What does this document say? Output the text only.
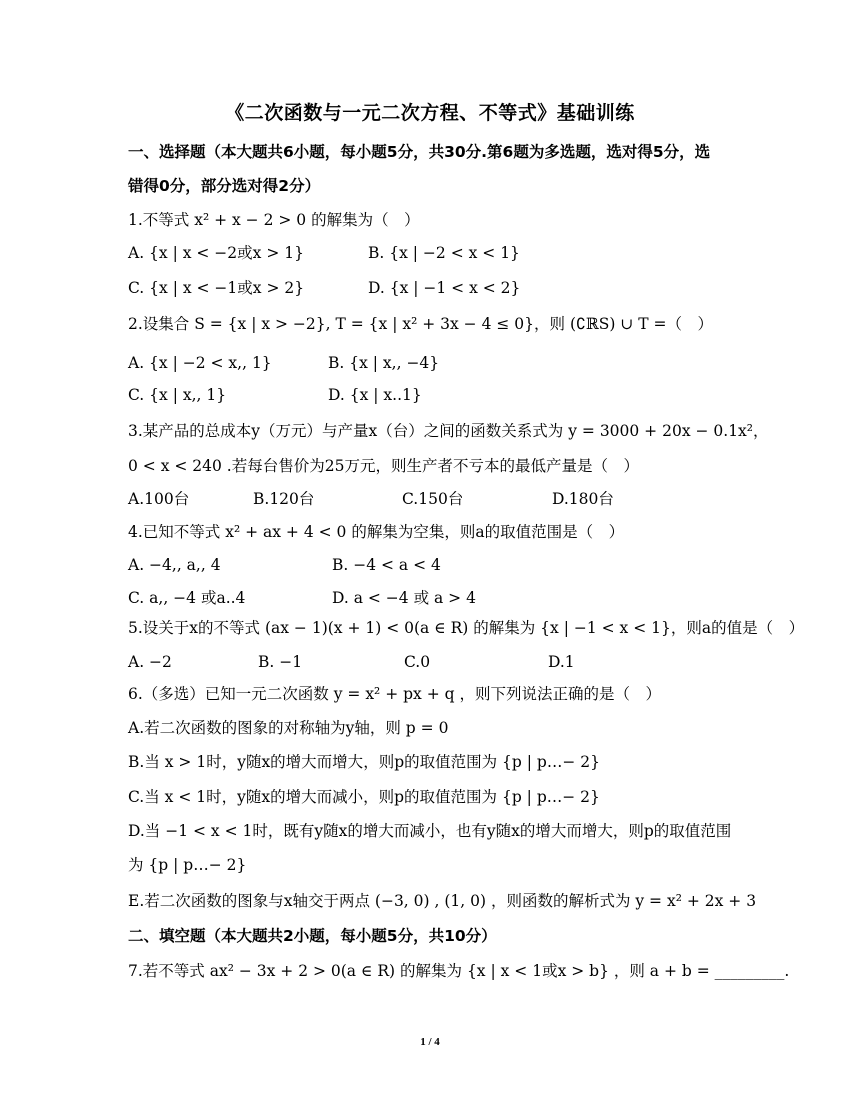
《二次函数与一元二次方程、不等式》基础训练
一、选择题（本大题共6小题，每小题5分，共30分.第6题为多选题，选对得5分，选
错得0分，部分选对得2分）
1.不等式 x² + x − 2 > 0 的解集为（　）
A. {x | x < −2或x > 1}	B. {x | −2 < x < 1}
C. {x | x < −1或x > 2}	D. {x | −1 < x < 2}
2.设集合 S = {x | x > −2}, T = {x | x² + 3x − 4 ≤ 0}，则 (∁ℝS) ∪ T =（　）
A. {x | −2 < x,, 1}	B. {x | x,, −4}
C. {x | x,, 1}	D. {x | x..1}
3.某产品的总成本y（万元）与产量x（台）之间的函数关系式为 y = 3000 + 20x − 0.1x²，
0 < x < 240 .若每台售价为25万元，则生产者不亏本的最低产量是（　）
A.100台	B.120台	C.150台	D.180台
4.已知不等式 x² + ax + 4 < 0 的解集为空集，则a的取值范围是（　）
A. −4,, a,, 4	B. −4 < a < 4
C. a,, −4 或a..4	D. a < −4 或 a > 4
5.设关于x的不等式 (ax − 1)(x + 1) < 0(a ∈ R) 的解集为 {x | −1 < x < 1}，则a的值是（　）
A. −2	B. −1	C.0	D.1
6.（多选）已知一元二次函数 y = x² + px + q ，则下列说法正确的是（　）
A.若二次函数的图象的对称轴为y轴，则 p = 0
B.当 x > 1时，y随x的增大而增大，则p的取值范围为 {p | p…− 2}
C.当 x < 1时，y随x的增大而减小，则p的取值范围为 {p | p…− 2}
D.当 −1 < x < 1时，既有y随x的增大而减小，也有y随x的增大而增大，则p的取值范围
为 {p | p…− 2}
E.若二次函数的图象与x轴交于两点 (−3, 0) , (1, 0) ，则函数的解析式为 y = x² + 2x + 3
二、填空题（本大题共2小题，每小题5分，共10分）
7.若不等式 ax² − 3x + 2 > 0(a ∈ R) 的解集为 {x | x < 1或x > b} ，则 a + b = _________.
1 / 4
